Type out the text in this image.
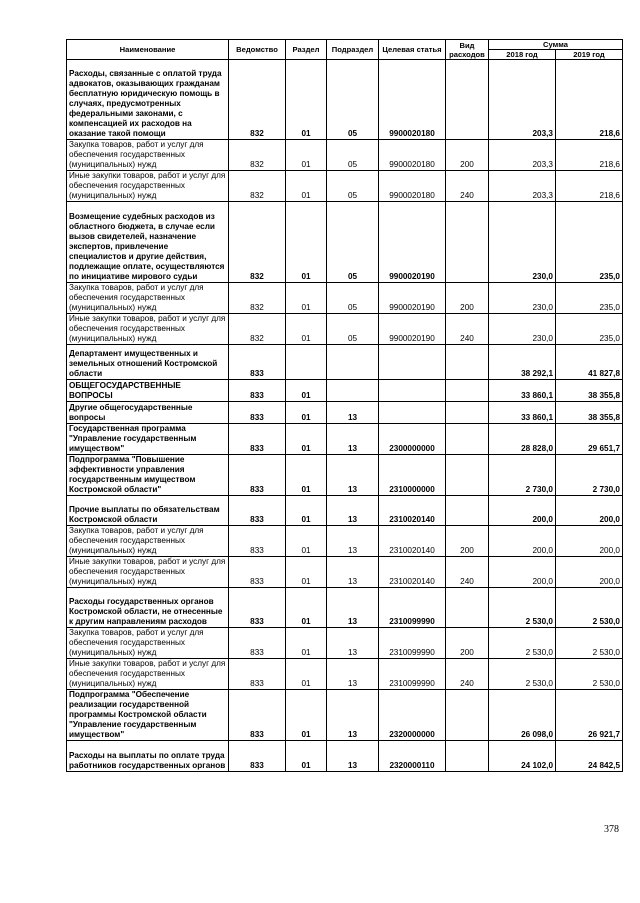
Наименование	Ведомство	Раздел	Подраздел	Целевая статья	Вид расходов	Сумма	
						2018 год	2019 год
Расходы, связанные с оплатой труда адвокатов, оказывающих гражданам бесплатную юридическую помощь в случаях, предусмотренных федеральными законами, с компенсацией их расходов на оказание такой помощи	832	01	05	9900020180		203,3	218,6
Закупка товаров, работ и услуг для обеспечения государственных (муниципальных) нужд	832	01	05	9900020180	200	203,3	218,6
Иные закупки товаров, работ и услуг для обеспечения государственных (муниципальных) нужд	832	01	05	9900020180	240	203,3	218,6
Возмещение судебных расходов из областного бюджета, в случае если вызов свидетелей, назначение экспертов, привлечение специалистов и другие действия, подлежащие оплате, осуществляются по инициативе мирового судьи	832	01	05	9900020190		230,0	235,0
Закупка товаров, работ и услуг для обеспечения государственных (муниципальных) нужд	832	01	05	9900020190	200	230,0	235,0
Иные закупки товаров, работ и услуг для обеспечения государственных (муниципальных) нужд	832	01	05	9900020190	240	230,0	235,0
Департамент имущественных и земельных отношений Костромской области	833					38 292,1	41 827,8
ОБЩЕГОСУДАРСТВЕННЫЕ ВОПРОСЫ	833	01				33 860,1	38 355,8
Другие общегосударственные вопросы	833	01	13			33 860,1	38 355,8
Государственная программа "Управление государственным имуществом"	833	01	13	2300000000		28 828,0	29 651,7
Подпрограмма "Повышение эффективности управления государственным имуществом Костромской области"	833	01	13	2310000000		2 730,0	2 730,0
Прочие выплаты по обязательствам Костромской области	833	01	13	2310020140		200,0	200,0
Закупка товаров, работ и услуг для обеспечения государственных (муниципальных) нужд	833	01	13	2310020140	200	200,0	200,0
Иные закупки товаров, работ и услуг для обеспечения государственных (муниципальных) нужд	833	01	13	2310020140	240	200,0	200,0
Расходы государственных органов Костромской области, не отнесенные к другим направлениям расходов	833	01	13	2310099990		2 530,0	2 530,0
Закупка товаров, работ и услуг для обеспечения государственных (муниципальных) нужд	833	01	13	2310099990	200	2 530,0	2 530,0
Иные закупки товаров, работ и услуг для обеспечения государственных (муниципальных) нужд	833	01	13	2310099990	240	2 530,0	2 530,0
Подпрограмма "Обеспечение реализации государственной программы Костромской области "Управление государственным имуществом"	833	01	13	2320000000		26 098,0	26 921,7
Расходы на выплаты по оплате труда работников государственных органов	833	01	13	2320000110		24 102,0	24 842,5
378
